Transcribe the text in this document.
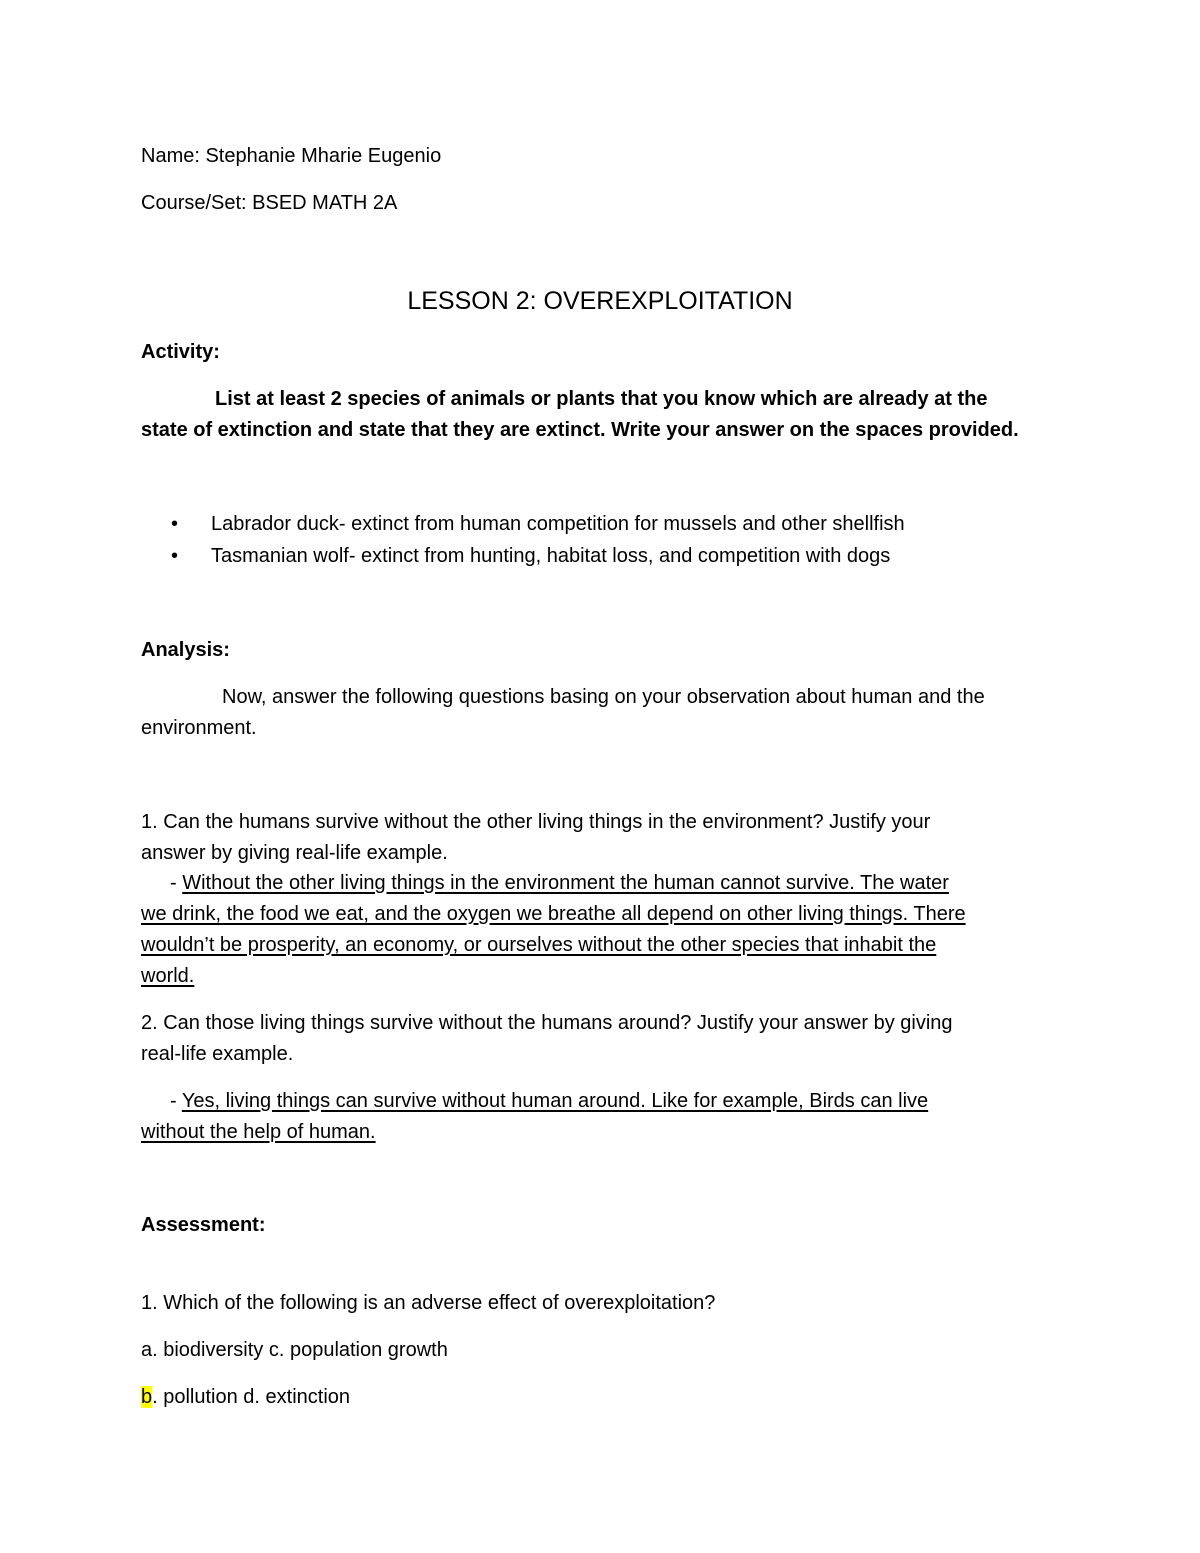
Name: Stephanie Mharie Eugenio
Course/Set: BSED MATH 2A
LESSON 2: OVEREXPLOITATION
Activity:
List at least 2 species of animals or plants that you know which are already at the
state of extinction and state that they are extinct. Write your answer on the spaces provided.
• Labrador duck- extinct from human competition for mussels and other shellfish
• Tasmanian wolf- extinct from hunting, habitat loss, and competition with dogs
Analysis:
Now, answer the following questions basing on your observation about human and the
environment.
1. Can the humans survive without the other living things in the environment? Justify your
answer by giving real-life example.
- Without the other living things in the environment the human cannot survive. The water
we drink, the food we eat, and the oxygen we breathe all depend on other living things. There
wouldn’t be prosperity, an economy, or ourselves without the other species that inhabit the
world.
2. Can those living things survive without the humans around? Justify your answer by giving
real-life example.
- Yes, living things can survive without human around. Like for example, Birds can live
without the help of human.
Assessment:
1. Which of the following is an adverse effect of overexploitation?
a. biodiversity c. population growth
b. pollution d. extinction
